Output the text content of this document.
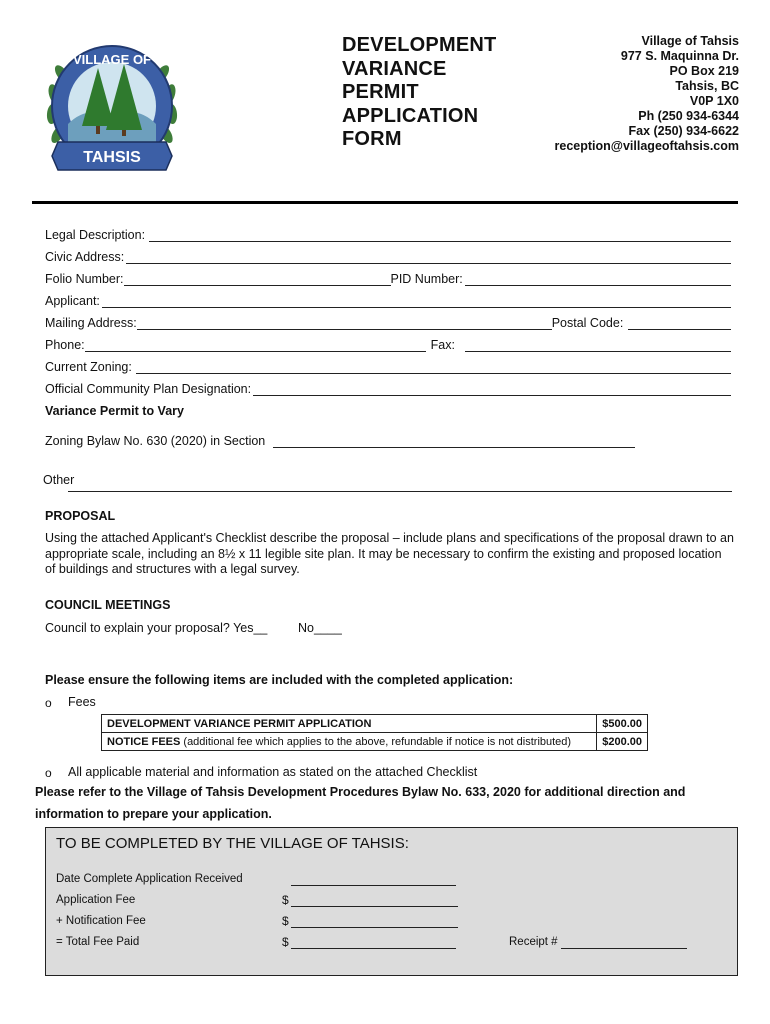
VILLAGE OF
TAHSIS
DEVELOPMENT
VARIANCE
PERMIT
APPLICATION
FORM
Village of Tahsis
977 S. Maquinna Dr.
PO Box 219
Tahsis, BC
V0P 1X0
Ph (250 934-6344
Fax (250) 934-6622
reception@villageoftahsis.com
Legal Description:
Civic Address:
Folio Number:	PID Number:
Applicant:
Mailing Address:	Postal Code:
Phone:	Fax:
Current Zoning:
Official Community Plan Designation:
Variance Permit to Vary
Zoning Bylaw No. 630 (2020) in Section
Other
PROPOSAL
Using the attached Applicant's Checklist describe the proposal – include plans and specifications of the proposal drawn to an appropriate scale, including an 8½ x 11 legible site plan. It may be necessary to confirm the existing and proposed location of buildings and structures with a legal survey.
COUNCIL MEETINGS
Council to explain your proposal? Yes__ No____
Please ensure the following items are included with the completed application:
o Fees
DEVELOPMENT VARIANCE PERMIT APPLICATION	$500.00
NOTICE FEES (additional fee which applies to the above, refundable if notice is not distributed)	$200.00
o All applicable material and information as stated on the attached Checklist
Please refer to the Village of Tahsis Development Procedures Bylaw No. 633, 2020 for additional direction and
information to prepare your application.
TO BE COMPLETED BY THE VILLAGE OF TAHSIS:
Date Complete Application Received
Application Fee	$
+ Notification Fee	$
= Total Fee Paid	$	Receipt #
